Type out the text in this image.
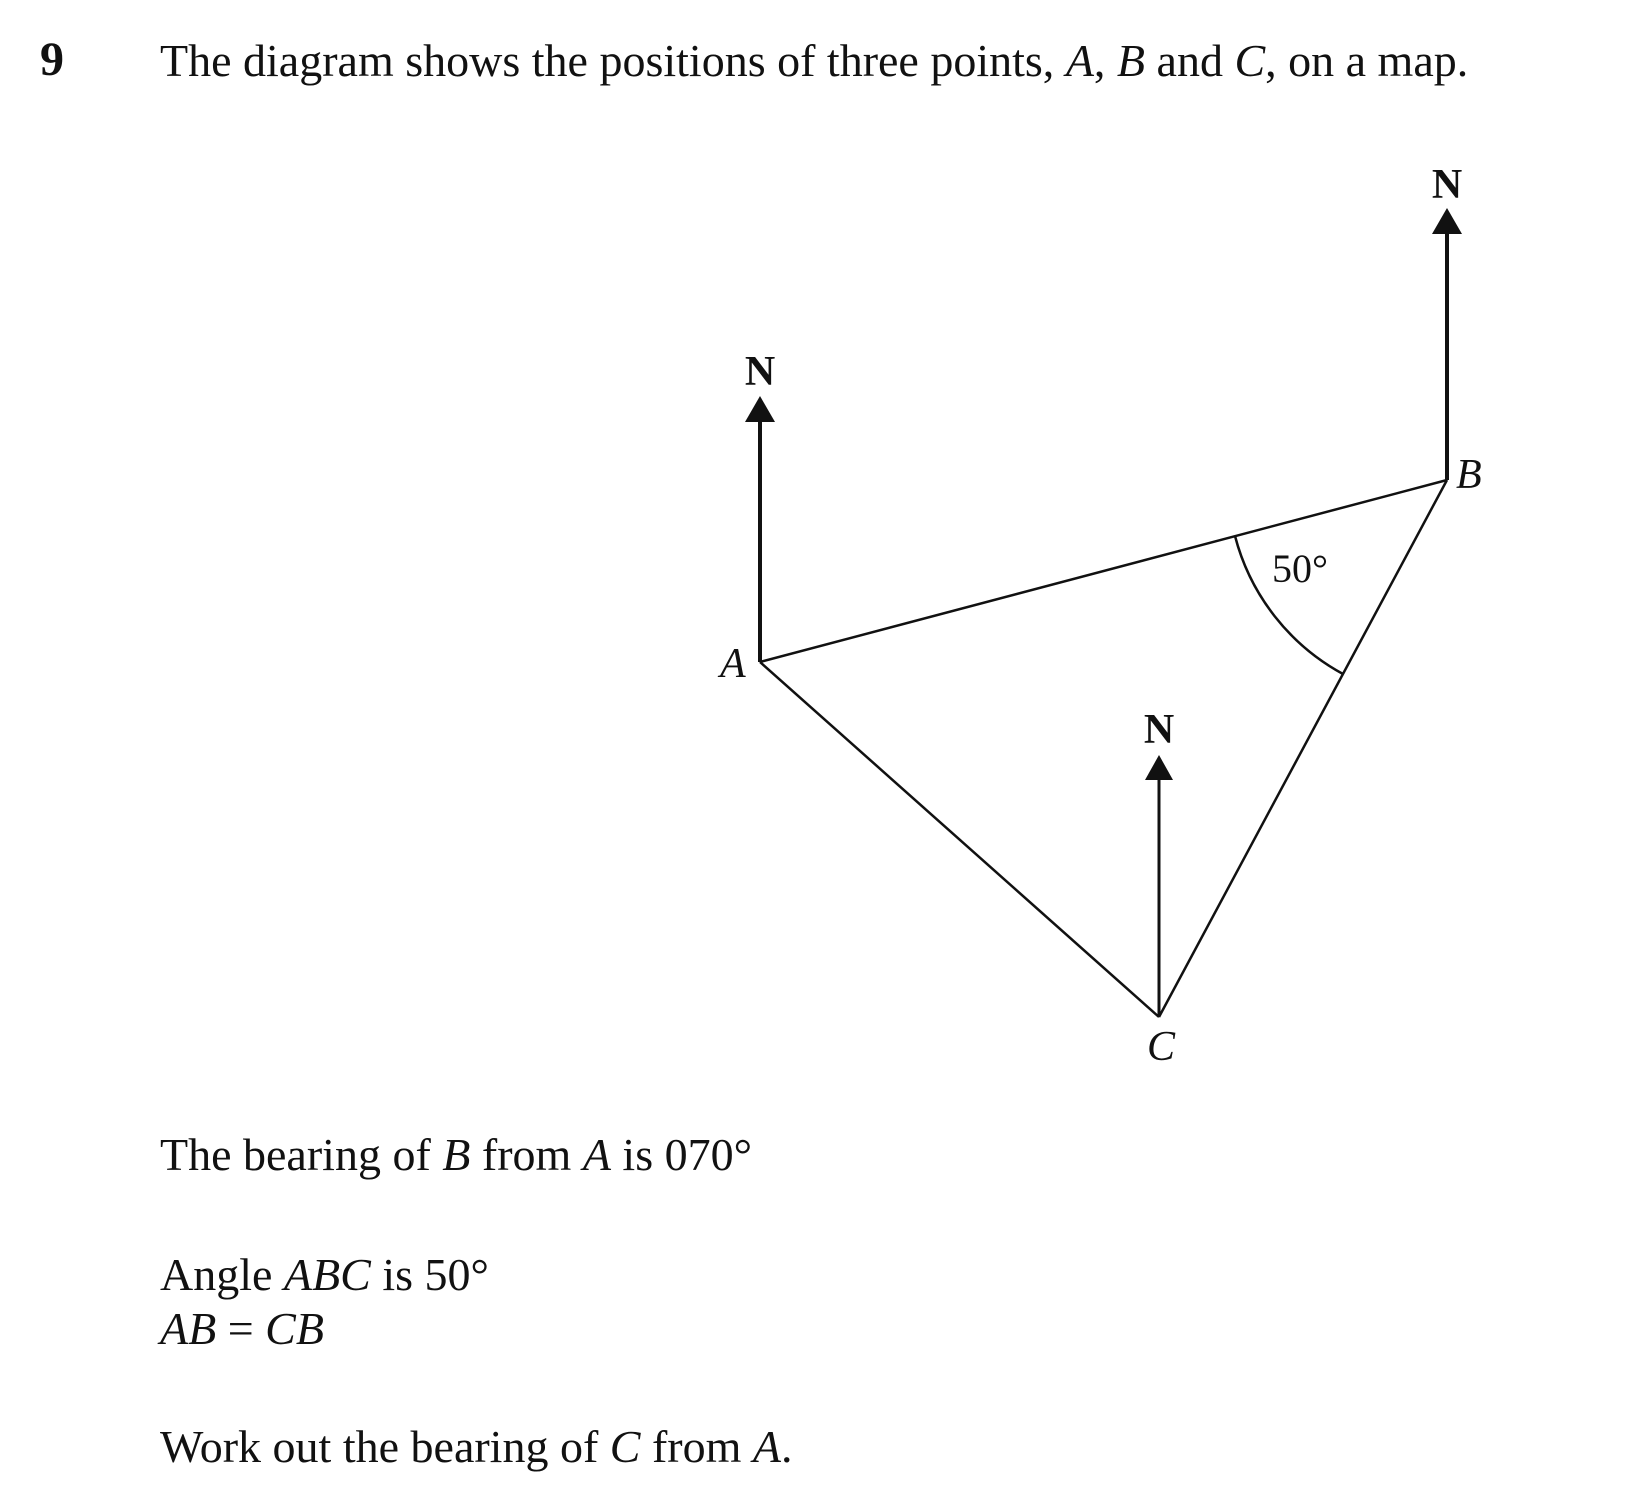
9 The diagram shows the positions of three points, A, B and C, on a map.
50°
N
N
N
A
B
C
The bearing of B from A is 070°
Angle ABC is 50°
AB = CB
Work out the bearing of C from A.
